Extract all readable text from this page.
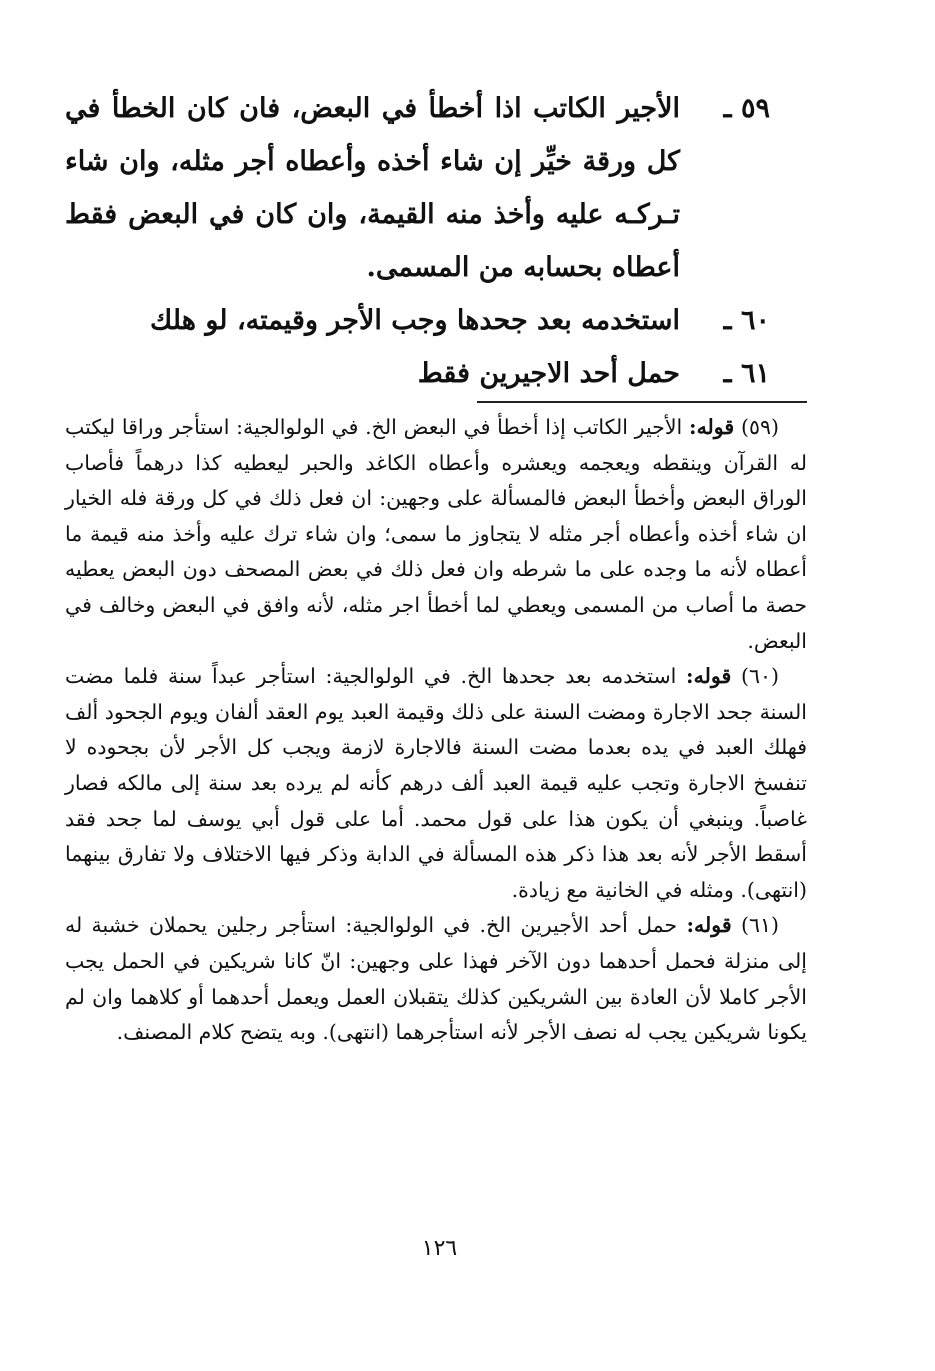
٥٩ ـ
الأجير الكاتب اذا أخطأ في البعض، فان كان الخطأ في كل ورقة خيِّر إن شاء أخذه وأعطاه أجر مثله، وان شاء تـركـه عليه وأخذ منه القيمة، وان كان في البعض فقط أعطاه بحسابه من المسمى.
٦٠ ـ
استخدمه بعد جحدها وجب الأجر وقيمته، لو هلك
٦١ ـ
حمل أحد الاجيرين فقط

(٥٩) قوله: الأجير الكاتب إذا أخطأ في البعض الخ. في الولوالجية: استأجر وراقا ليكتب له القرآن وينقطه ويعجمه ويعشره وأعطاه الكاغد والحبر ليعطيه كذا درهماً فأصاب الوراق البعض وأخطأ البعض فالمسألة على وجهين: ان فعل ذلك في كل ورقة فله الخيار ان شاء أخذه وأعطاه أجر مثله لا يتجاوز ما سمى؛ وان شاء ترك عليه وأخذ منه قيمة ما أعطاه لأنه ما وجده على ما شرطه وان فعل ذلك في بعض المصحف دون البعض يعطيه حصة ما أصاب من المسمى ويعطي لما أخطأ اجر مثله، لأنه وافق في البعض وخالف في البعض.

(٦٠) قوله: استخدمه بعد جحدها الخ. في الولوالجية: استأجر عبداً سنة فلما مضت السنة جحد الاجارة ومضت السنة على ذلك وقيمة العبد يوم العقد ألفان ويوم الجحود ألف فهلك العبد في يده بعدما مضت السنة فالاجارة لازمة ويجب كل الأجر لأن بجحوده لا تنفسخ الاجارة وتجب عليه قيمة العبد ألف درهم كأنه لم يرده بعد سنة إلى مالكه فصار غاصباً. وينبغي أن يكون هذا على قول محمد. أما على قول أبي يوسف لما جحد فقد أسقط الأجر لأنه بعد هذا ذكر هذه المسألة في الدابة وذكر فيها الاختلاف ولا تفارق بينهما (انتهى). ومثله في الخانية مع زيادة.

(٦١) قوله: حمل أحد الأجيرين الخ. في الولوالجية: استأجر رجلين يحملان خشبة له إلى منزلة فحمل أحدهما دون الآخر فهذا على وجهين: انّ كانا شريكين في الحمل يجب الأجر كاملا لأن العادة بين الشريكين كذلك يتقبلان العمل ويعمل أحدهما أو كلاهما وان لم يكونا شريكين يجب له نصف الأجر لأنه استأجرهما (انتهى). وبه يتضح كلام المصنف.

١٢٦
